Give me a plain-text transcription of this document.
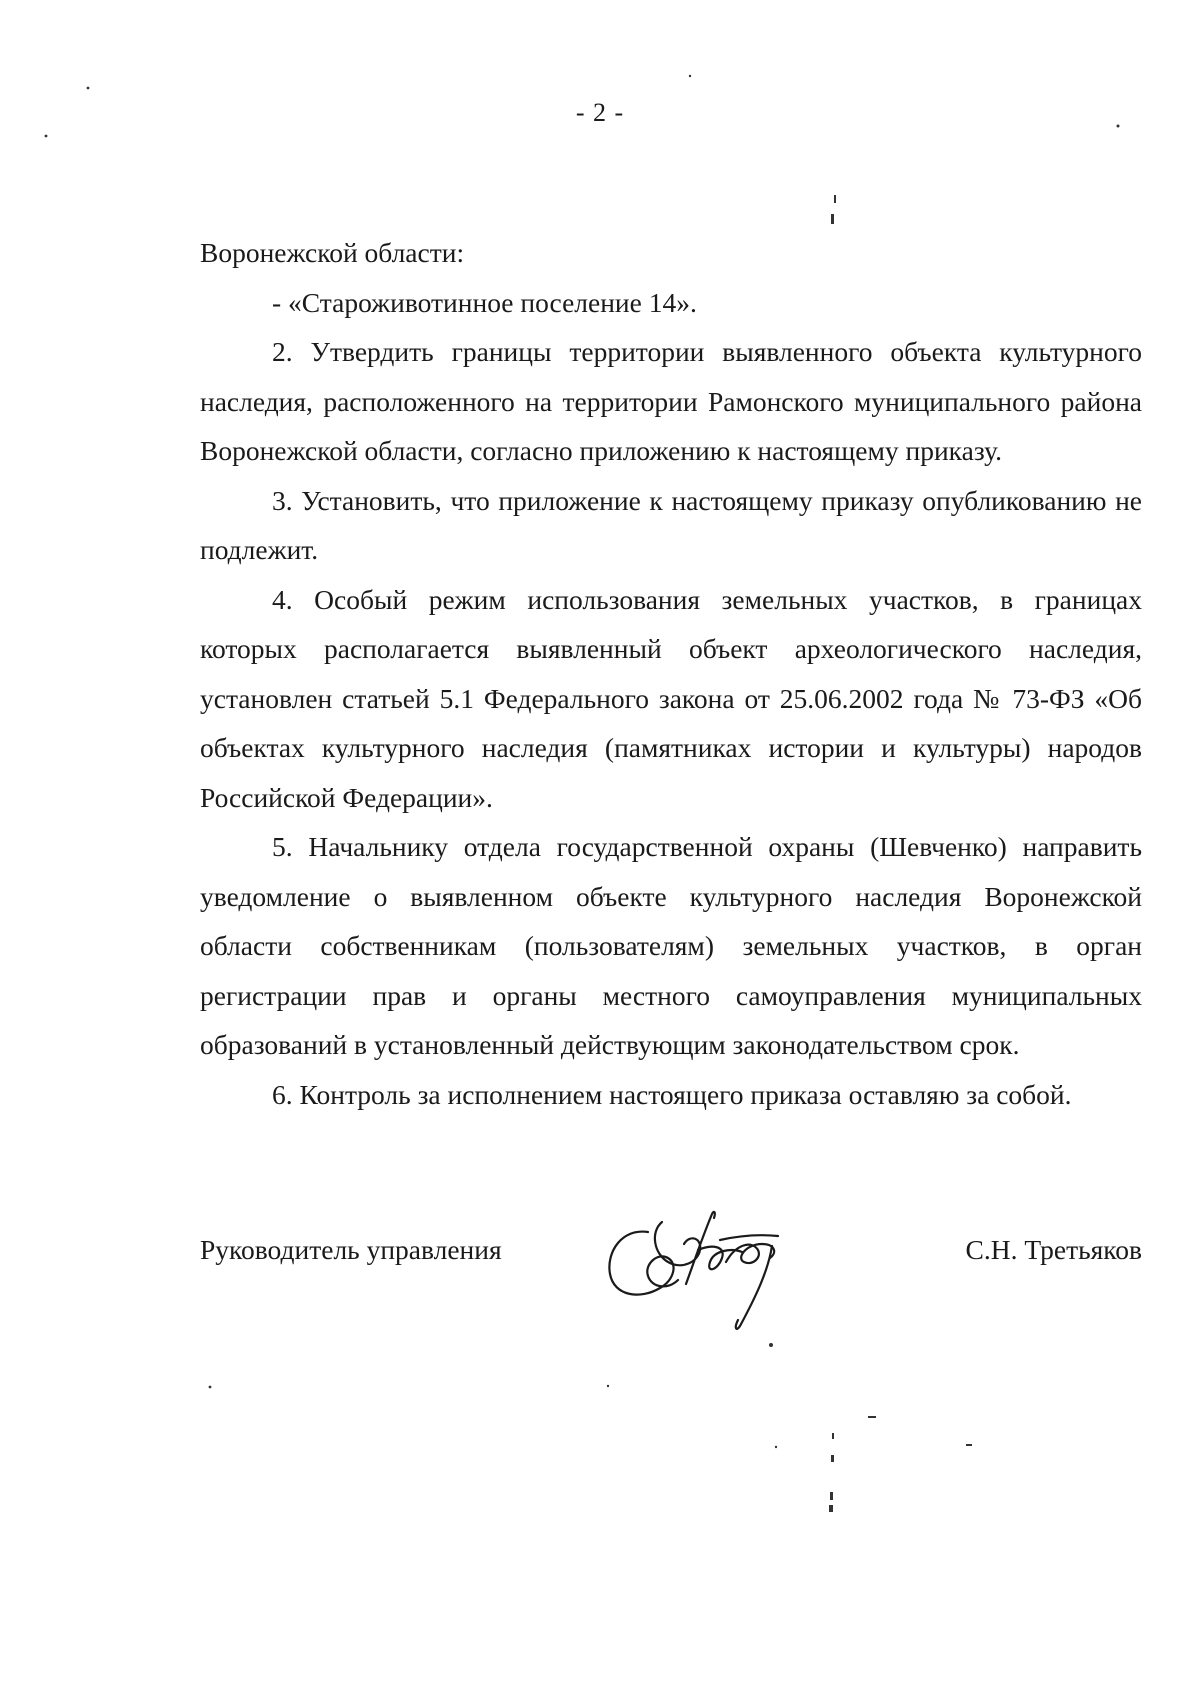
- 2 -

Воронежской области:

- «Староживотинное поселение 14».

2. Утвердить границы территории выявленного объекта культурного наследия, расположенного на территории Рамонского муниципального района Воронежской области, согласно приложению к настоящему приказу.

3. Установить, что приложение к настоящему приказу опубликованию не подлежит.

4. Особый режим использования земельных участков, в границах которых располагается выявленный объект археологического наследия, установлен статьей 5.1 Федерального закона от 25.06.2002 года № 73-ФЗ «Об объектах культурного наследия (памятниках истории и культуры) народов Российской Федерации».

5. Начальнику отдела государственной охраны (Шевченко) направить уведомление о выявленном объекте культурного наследия Воронежской области собственникам (пользователям) земельных участков, в орган регистрации прав и органы местного самоуправления муниципальных образований в установленный действующим законодательством срок.

6. Контроль за исполнением настоящего приказа оставляю за собой.

Руководитель управления	С.Н. Третьяков
